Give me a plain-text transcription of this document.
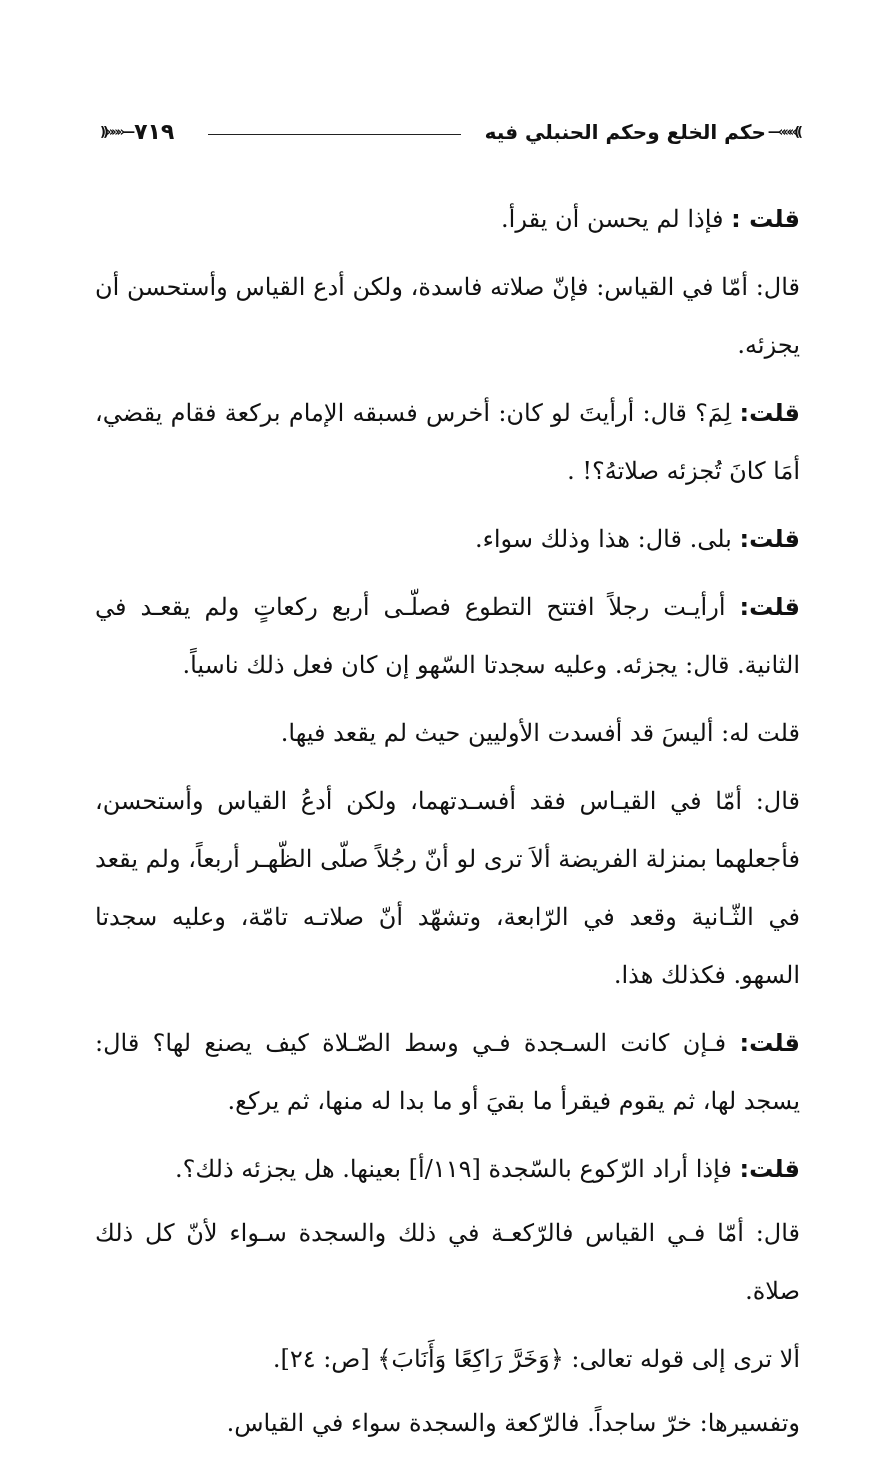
—«««((
حكم الخلع وحكم الحنبلي فيه
٧١٩
))»»»—

قلت : فإذا لم يحسن أن يقرأ.

قال: أمّا في القياس: فإنّ صلاته فاسدة، ولكن أدع القياس وأستحسن أن يجزئه.

قلت: لِمَ؟ قال: أرأيتَ لو كان: أخرس فسبقه الإمام بركعة فقام يقضي، أمَا كانَ تُجزئه صلاتهُ؟! .

قلت: بلى. قال: هذا وذلك سواء.

قلت: أرأيـت رجلاً افتتح التطوع فصلّـى أربع ركعاتٍ ولم يقعـد في الثانية. قال: يجزئه. وعليه سجدتا السّهو إن كان فعل ذلك ناسياً.

قلت له: أليسَ قد أفسدت الأوليين حيث لم يقعد فيها.

قال: أمّا في القيـاس فقد أفسـدتهما، ولكن أدعُ القياس وأستحسن، فأجعلهما بمنزلة الفريضة ألاَ ترى لو أنّ رجُلاً صلّى الظّهـر أربعاً، ولم يقعد في الثّـانية وقعد في الرّابعة، وتشهّد أنّ صلاتـه تامّة، وعليه سجدتا السهو. فكذلك هذا.

قلت: فـإن كانت السـجدة فـي وسط الصّـلاة كيف يصنع لها؟ قال: يسجد لها، ثم يقوم فيقرأ ما بقيَ أو ما بدا له منها، ثم يركع.

قلت: فإذا أراد الرّكوع بالسّجدة [١١٩/أ] بعينها. هل يجزئه ذلك؟.

قال: أمّا فـي القياس فالرّكعـة في ذلك والسجدة سـواء لأنّ كل ذلك صلاة.

ألا ترى إلى قوله تعالى: ﴿وَخَرَّ رَاكِعًا وَأَنَابَ﴾ [ص: ٢٤].

وتفسيرها: خرّ ساجداً. فالرّكعة والسجدة سواء في القياس.
